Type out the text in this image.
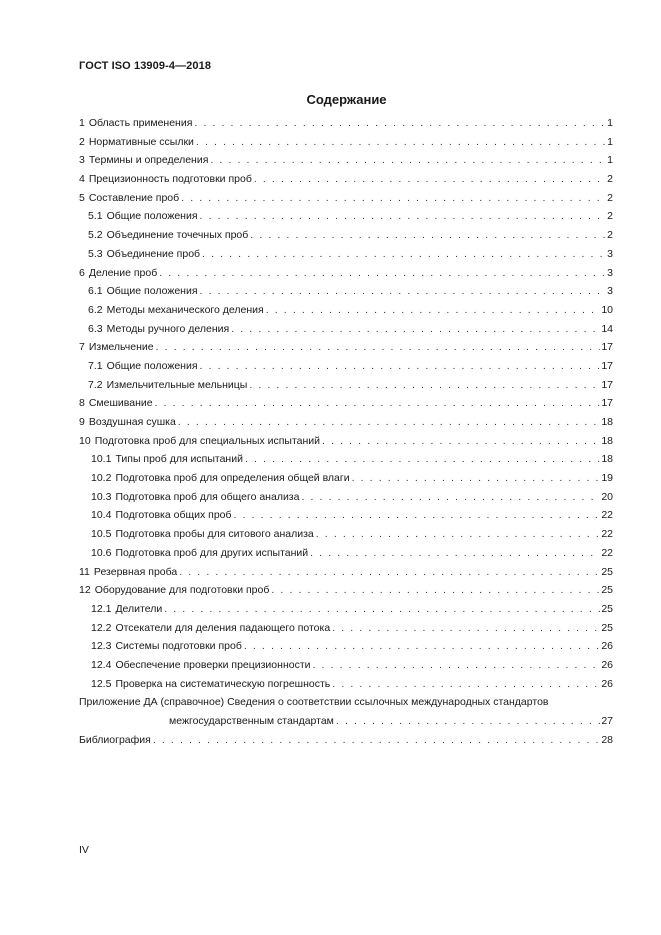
ГОСТ ISO 13909-4—2018
Содержание
1 Область применения . . .	1
2 Нормативные ссылки . . .	1
3 Термины и определения . . .	1
4 Прецизионность подготовки проб . . .	2
5 Составление проб . . .	2
5.1 Общие положения . . .	2
5.2 Объединение точечных проб . . .	2
5.3 Объединение проб . . .	3
6 Деление проб . . .	3
6.1 Общие положения . . .	3
6.2 Методы механического деления . . .	10
6.3 Методы ручного деления . . .	14
7 Измельчение . . .	17
7.1 Общие положения . . .	17
7.2 Измельчительные мельницы . . .	17
8 Смешивание . . .	17
9 Воздушная сушка . . .	18
10 Подготовка проб для специальных испытаний . . .	18
10.1 Типы проб для испытаний . . .	18
10.2 Подготовка проб для определения общей влаги . . .	19
10.3 Подготовка проб для общего анализа . . .	20
10.4 Подготовка общих проб . . .	22
10.5 Подготовка пробы для ситового анализа . . .	22
10.6 Подготовка проб для других испытаний . . .	22
11 Резервная проба . . .	25
12 Оборудование для подготовки проб . . .	25
12.1 Делители . . .	25
12.2 Отсекатели для деления падающего потока . . .	25
12.3 Системы подготовки проб . . .	26
12.4 Обеспечение проверки прецизионности . . .	26
12.5 Проверка на систематическую погрешность . . .	26
Приложение ДА (справочное) Сведения о соответствии ссылочных международных стандартов
межгосударственным стандартам . . .	27
Библиография . . .	28
IV
